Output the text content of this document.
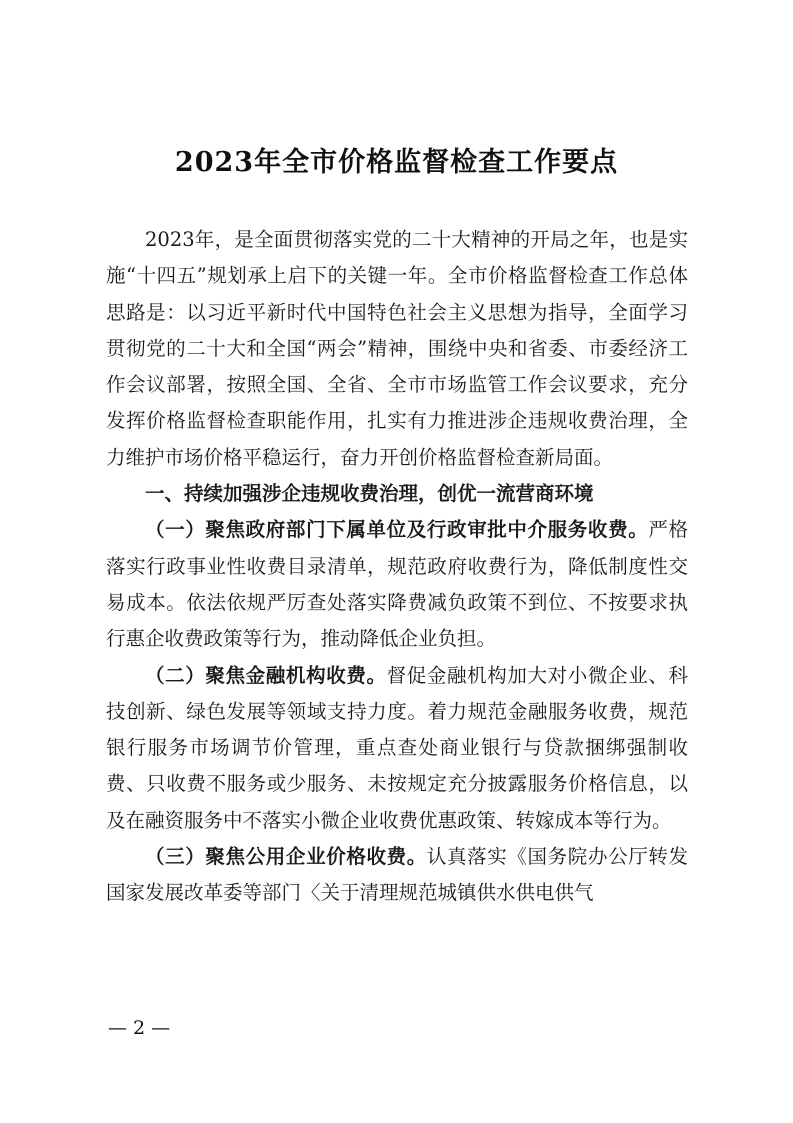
2023年全市价格监督检查工作要点

2023年，是全面贯彻落实党的二十大精神的开局之年，也是实施“十四五”规划承上启下的关键一年。全市价格监督检查工作总体思路是：以习近平新时代中国特色社会主义思想为指导，全面学习贯彻党的二十大和全国“两会”精神，围绕中央和省委、市委经济工作会议部署，按照全国、全省、全市市场监管工作会议要求，充分发挥价格监督检查职能作用，扎实有力推进涉企违规收费治理，全力维护市场价格平稳运行，奋力开创价格监督检查新局面。

一、持续加强涉企违规收费治理，创优一流营商环境

（一）聚焦政府部门下属单位及行政审批中介服务收费。严格落实行政事业性收费目录清单，规范政府收费行为，降低制度性交易成本。依法依规严厉查处落实降费减负政策不到位、不按要求执行惠企收费政策等行为，推动降低企业负担。

（二）聚焦金融机构收费。督促金融机构加大对小微企业、科技创新、绿色发展等领域支持力度。着力规范金融服务收费，规范银行服务市场调节价管理，重点查处商业银行与贷款捆绑强制收费、只收费不服务或少服务、未按规定充分披露服务价格信息，以及在融资服务中不落实小微企业收费优惠政策、转嫁成本等行为。

（三）聚焦公用企业价格收费。认真落实《国务院办公厅转发国家发展改革委等部门〈关于清理规范城镇供水供电供气

— 2 —
